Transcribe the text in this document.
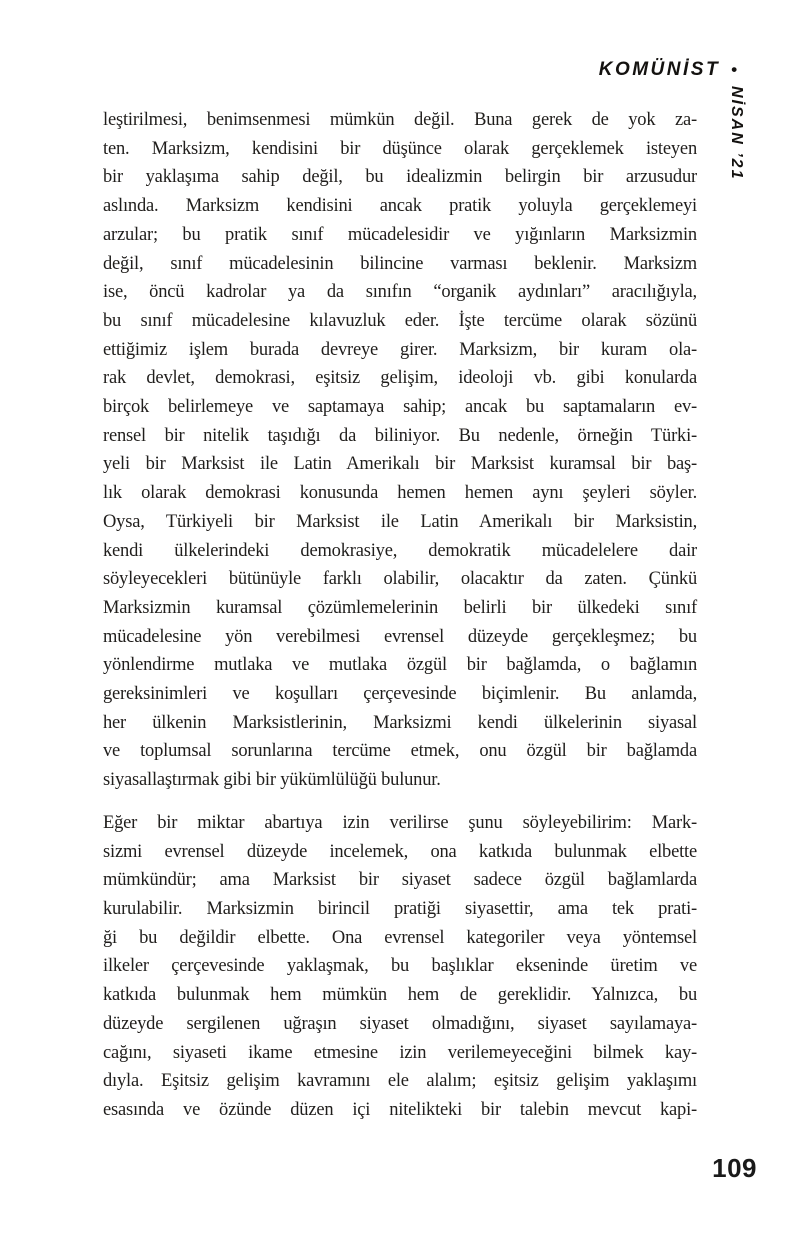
KOMÜNİST •
NİSAN ’21
leştirilmesi, benimsenmesi mümkün değil. Buna gerek de yok za-
ten. Marksizm, kendisini bir düşünce olarak gerçeklemek isteyen
bir yaklaşıma sahip değil, bu idealizmin belirgin bir arzusudur
aslında. Marksizm kendisini ancak pratik yoluyla gerçeklemeyi
arzular; bu pratik sınıf mücadelesidir ve yığınların Marksizmin
değil, sınıf mücadelesinin bilincine varması beklenir. Marksizm
ise, öncü kadrolar ya da sınıfın “organik aydınları” aracılığıyla,
bu sınıf mücadelesine kılavuzluk eder. İşte tercüme olarak sözünü
ettiğimiz işlem burada devreye girer. Marksizm, bir kuram ola-
rak devlet, demokrasi, eşitsiz gelişim, ideoloji vb. gibi konularda
birçok belirlemeye ve saptamaya sahip; ancak bu saptamaların ev-
rensel bir nitelik taşıdığı da biliniyor. Bu nedenle, örneğin Türki-
yeli bir Marksist ile Latin Amerikalı bir Marksist kuramsal bir baş-
lık olarak demokrasi konusunda hemen hemen aynı şeyleri söyler.
Oysa, Türkiyeli bir Marksist ile Latin Amerikalı bir Marksistin,
kendi ülkelerindeki demokrasiye, demokratik mücadelelere dair
söyleyecekleri bütünüyle farklı olabilir, olacaktır da zaten. Çünkü
Marksizmin kuramsal çözümlemelerinin belirli bir ülkedeki sınıf
mücadelesine yön verebilmesi evrensel düzeyde gerçekleşmez; bu
yönlendirme mutlaka ve mutlaka özgül bir bağlamda, o bağlamın
gereksinimleri ve koşulları çerçevesinde biçimlenir. Bu anlamda,
her ülkenin Marksistlerinin, Marksizmi kendi ülkelerinin siyasal
ve toplumsal sorunlarına tercüme etmek, onu özgül bir bağlamda
siyasallaştırmak gibi bir yükümlülüğü bulunur.
Eğer bir miktar abartıya izin verilirse şunu söyleyebilirim: Mark-
sizmi evrensel düzeyde incelemek, ona katkıda bulunmak elbette
mümkündür; ama Marksist bir siyaset sadece özgül bağlamlarda
kurulabilir. Marksizmin birincil pratiği siyasettir, ama tek prati-
ği bu değildir elbette. Ona evrensel kategoriler veya yöntemsel
ilkeler çerçevesinde yaklaşmak, bu başlıklar ekseninde üretim ve
katkıda bulunmak hem mümkün hem de gereklidir. Yalnızca, bu
düzeyde sergilenen uğraşın siyaset olmadığını, siyaset sayılamaya-
cağını, siyaseti ikame etmesine izin verilemeyeceğini bilmek kay-
dıyla. Eşitsiz gelişim kavramını ele alalım; eşitsiz gelişim yaklaşımı
esasında ve özünde düzen içi nitelikteki bir talebin mevcut kapi-
109
